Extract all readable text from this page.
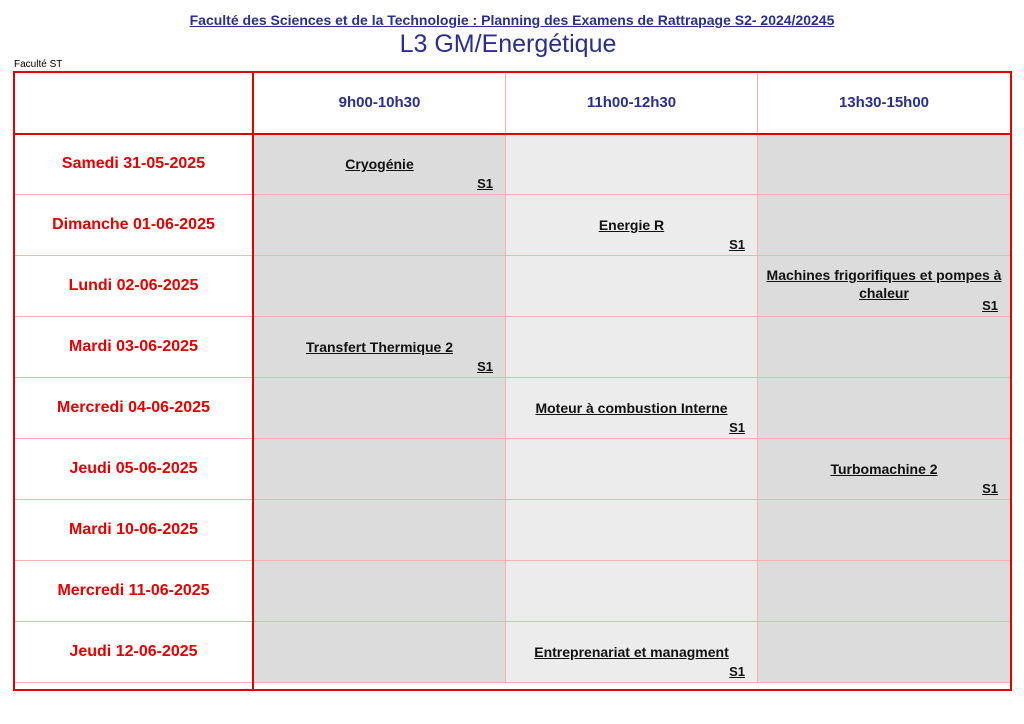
Faculté des Sciences et de la Technologie : Planning des Examens de Rattrapage S2- 2024/20245
L3 GM/Energétique
Faculté ST
	9h00-10h30	11h00-12h30	13h30-15h00

Samedi 31-05-2025	Cryogénie
S1		

Dimanche 01-06-2025		Energie R
S1	

Lundi 02-06-2025			Machines frigorifiques et pompes à chaleur
S1

Mardi 03-06-2025	Transfert Thermique 2
S1		

Mercredi 04-06-2025		Moteur à combustion Interne
S1	

Jeudi 05-06-2025			Turbomachine 2
S1

Mardi 10-06-2025			

Mercredi 11-06-2025			

Jeudi 12-06-2025		Entreprenariat et managment
S1	
